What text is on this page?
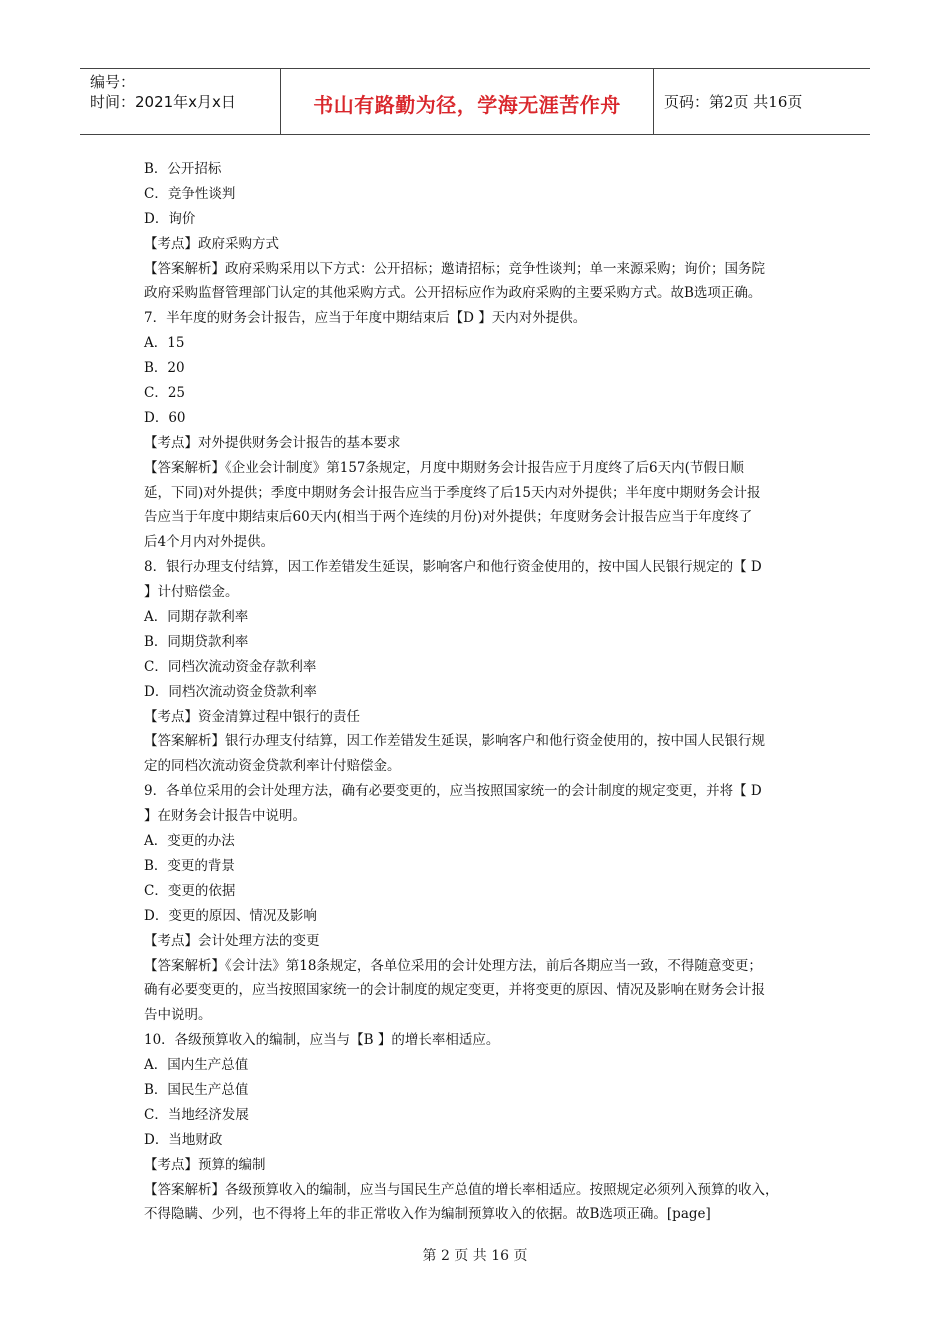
编号：
时间：2021年x月x日	书山有路勤为径，学海无涯苦作舟	页码：第2页 共16页
B．公开招标
C．竞争性谈判
D．询价
【考点】政府采购方式
【答案解析】政府采购采用以下方式：公开招标；邀请招标；竞争性谈判；单一来源采购；询价；国务院
政府采购监督管理部门认定的其他采购方式。公开招标应作为政府采购的主要采购方式。故B选项正确。
7．半年度的财务会计报告，应当于年度中期结束后【D 】天内对外提供。
A．15
B．20
C．25
D．60
【考点】对外提供财务会计报告的基本要求
【答案解析】《企业会计制度》第157条规定，月度中期财务会计报告应于月度终了后6天内(节假日顺
延，下同)对外提供；季度中期财务会计报告应当于季度终了后15天内对外提供；半年度中期财务会计报
告应当于年度中期结束后60天内(相当于两个连续的月份)对外提供；年度财务会计报告应当于年度终了
后4个月内对外提供。
8．银行办理支付结算，因工作差错发生延误，影响客户和他行资金使用的，按中国人民银行规定的【 D
】计付赔偿金。
A．同期存款利率
B．同期贷款利率
C．同档次流动资金存款利率
D．同档次流动资金贷款利率
【考点】资金清算过程中银行的责任
【答案解析】银行办理支付结算，因工作差错发生延误，影响客户和他行资金使用的，按中国人民银行规
定的同档次流动资金贷款利率计付赔偿金。
9．各单位采用的会计处理方法，确有必要变更的，应当按照国家统一的会计制度的规定变更，并将【 D
】在财务会计报告中说明。
A．变更的办法
B．变更的背景
C．变更的依据
D．变更的原因、情况及影响
【考点】会计处理方法的变更
【答案解析】《会计法》第18条规定，各单位采用的会计处理方法，前后各期应当一致，不得随意变更；
确有必要变更的，应当按照国家统一的会计制度的规定变更，并将变更的原因、情况及影响在财务会计报
告中说明。
10．各级预算收入的编制，应当与【B 】的增长率相适应。
A．国内生产总值
B．国民生产总值
C．当地经济发展
D．当地财政
【考点】预算的编制
【答案解析】各级预算收入的编制，应当与国民生产总值的增长率相适应。按照规定必须列入预算的收入，
不得隐瞒、少列，也不得将上年的非正常收入作为编制预算收入的依据。故B选项正确。[page]
第 2 页 共 16 页
